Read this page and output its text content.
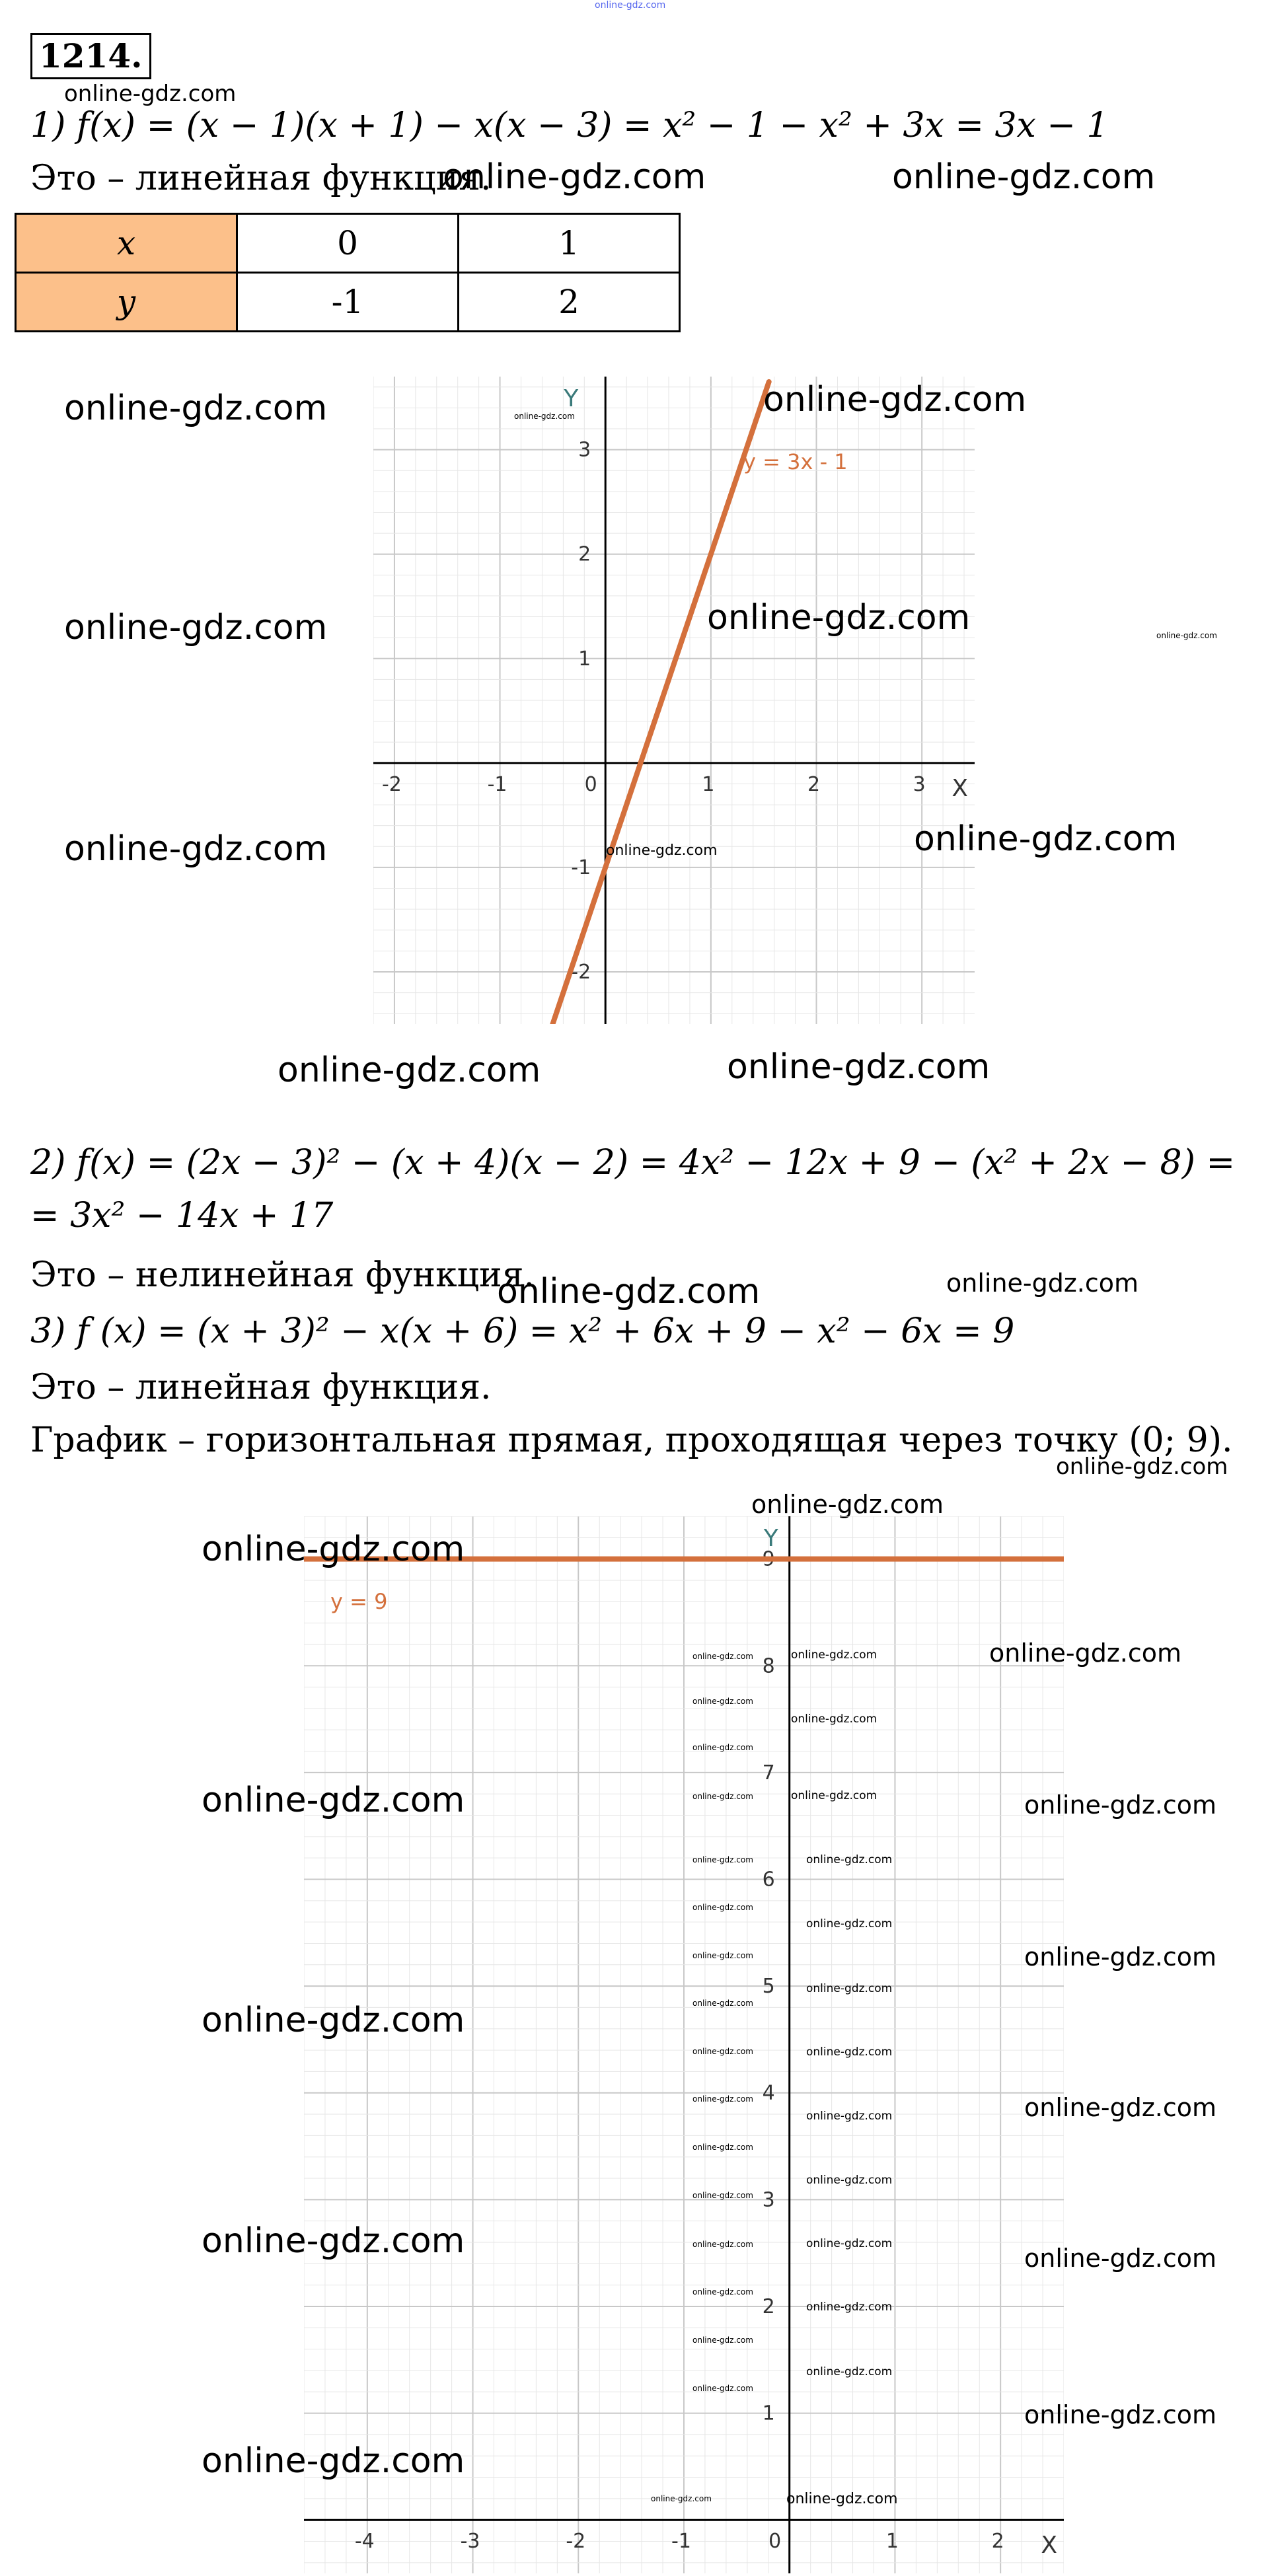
online-gdz.com
1214.
online-gdz.com
1) f(x) = (x − 1)(x + 1) − x(x − 3) = x² − 1 − x² + 3x = 3x − 1
Это – линейная функция.
online-gdz.com	online-gdz.com
x	0	1
y	-1	2
-2	-1	0	1	2	3
-2
-1
1
2
3
X
Y
y = 3x - 1
online-gdz.com	online-gdz.com
online-gdz.com	online-gdz.com	online-gdz.com
online-gdz.com	online-gdz.com
online-gdz.com
online-gdz.com
online-gdz.com	online-gdz.com
2) f(x) = (2x − 3)² − (x + 4)(x − 2) = 4x² − 12x + 9 − (x² + 2x − 8) =
= 3x² − 14x + 17
Это – нелинейная функция.
online-gdz.com	online-gdz.com
3) f (x) = (x + 3)² − x(x + 6) = x² + 6x + 9 − x² − 6x = 9
Это – линейная функция.
График – горизонтальная прямая, проходящая через точку (0; 9).
online-gdz.com
online-gdz.com
-4	-3	-2	-1	0	1	2
1
2
3
4
5
6
7
8
9
X
Y
y = 9
online-gdz.com
online-gdz.com
online-gdz.com	online-gdz.com
online-gdz.com
online-gdz.com
online-gdz.com
online-gdz.com	online-gdz.com
online-gdz.com
online-gdz.com
online-gdz.com
online-gdz.com
online-gdz.com
online-gdz.com
online-gdz.com
online-gdz.com
online-gdz.com
online-gdz.com
online-gdz.com
online-gdz.com
online-gdz.com
online-gdz.com
online-gdz.com
online-gdz.com
online-gdz.com
online-gdz.com
online-gdz.com
online-gdz.com
online-gdz.com
online-gdz.com
online-gdz.com
online-gdz.com
online-gdz.com
online-gdz.com
online-gdz.com
online-gdz.com
online-gdz.com
online-gdz.com
online-gdz.com
online-gdz.com
